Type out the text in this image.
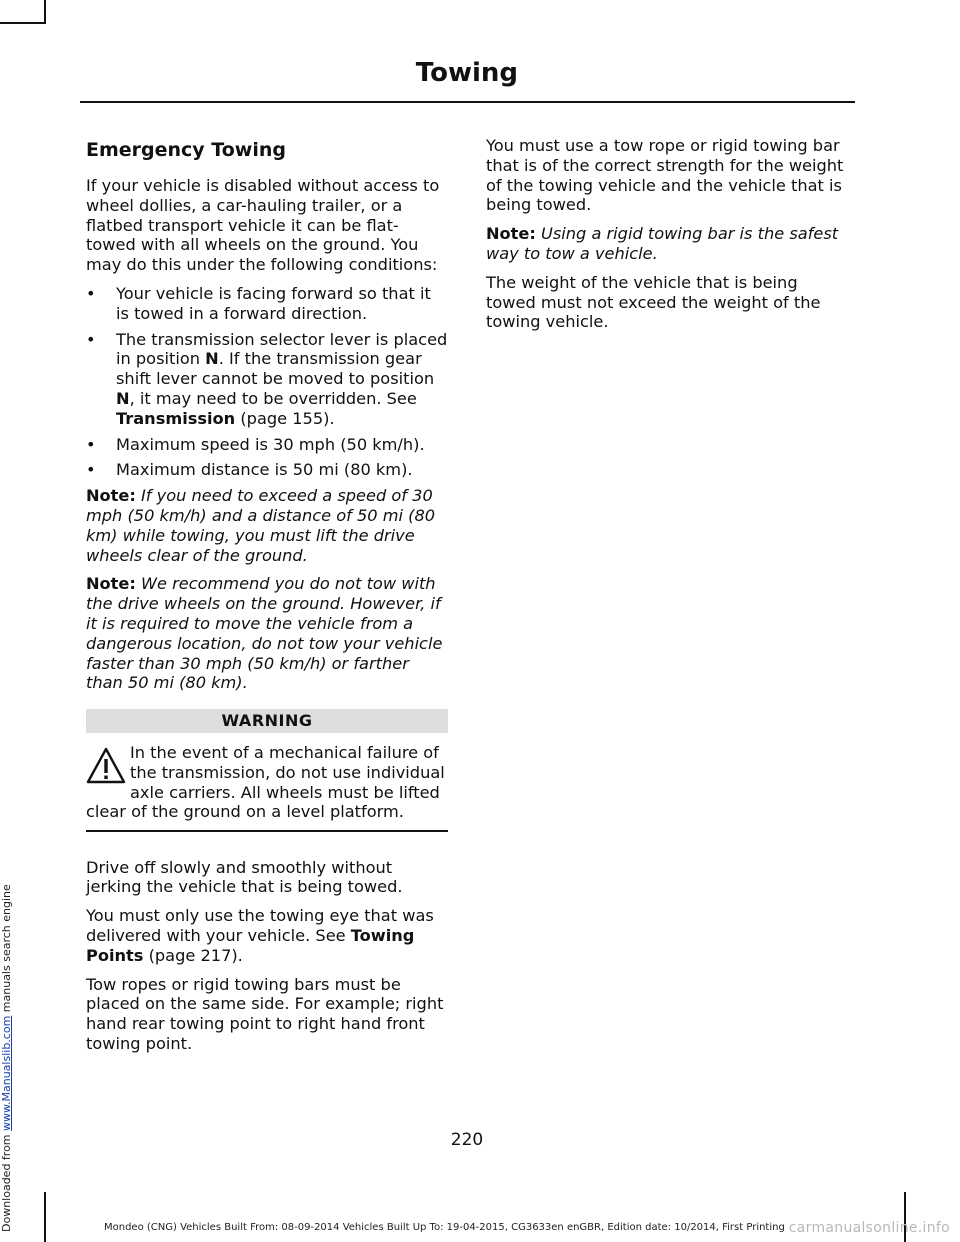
Towing
Emergency Towing

If your vehicle is disabled without access to wheel dollies, a car-hauling trailer, or a flatbed transport vehicle it can be flat-towed with all wheels on the ground. You may do this under the following conditions:

• Your vehicle is facing forward so that it is towed in a forward direction.
• The transmission selector lever is placed in position N. If the transmission gear shift lever cannot be moved to position N, it may need to be overridden. See Transmission (page 155).
• Maximum speed is 30 mph (50 km/h).
• Maximum distance is 50 mi (80 km).

Note: If you need to exceed a speed of 30 mph (50 km/h) and a distance of 50 mi (80 km) while towing, you must lift the drive wheels clear of the ground.

Note: We recommend you do not tow with the drive wheels on the ground. However, if it is required to move the vehicle from a dangerous location, do not tow your vehicle faster than 30 mph (50 km/h) or farther than 50 mi (80 km).

WARNING
In the event of a mechanical failure of the transmission, do not use individual axle carriers. All wheels must be lifted clear of the ground on a level platform.

Drive off slowly and smoothly without jerking the vehicle that is being towed.

You must only use the towing eye that was delivered with your vehicle. See Towing Points (page 217).

Tow ropes or rigid towing bars must be placed on the same side. For example; right hand rear towing point to right hand front towing point.

You must use a tow rope or rigid towing bar that is of the correct strength for the weight of the towing vehicle and the vehicle that is being towed.

Note: Using a rigid towing bar is the safest way to tow a vehicle.

The weight of the vehicle that is being towed must not exceed the weight of the towing vehicle.

220
Mondeo (CNG) Vehicles Built From: 08-09-2014 Vehicles Built Up To: 19-04-2015, CG3633en enGBR, Edition date: 10/2014, First Printing
Downloaded from www.Manualslib.com manuals search engine
carmanualsonline.info
